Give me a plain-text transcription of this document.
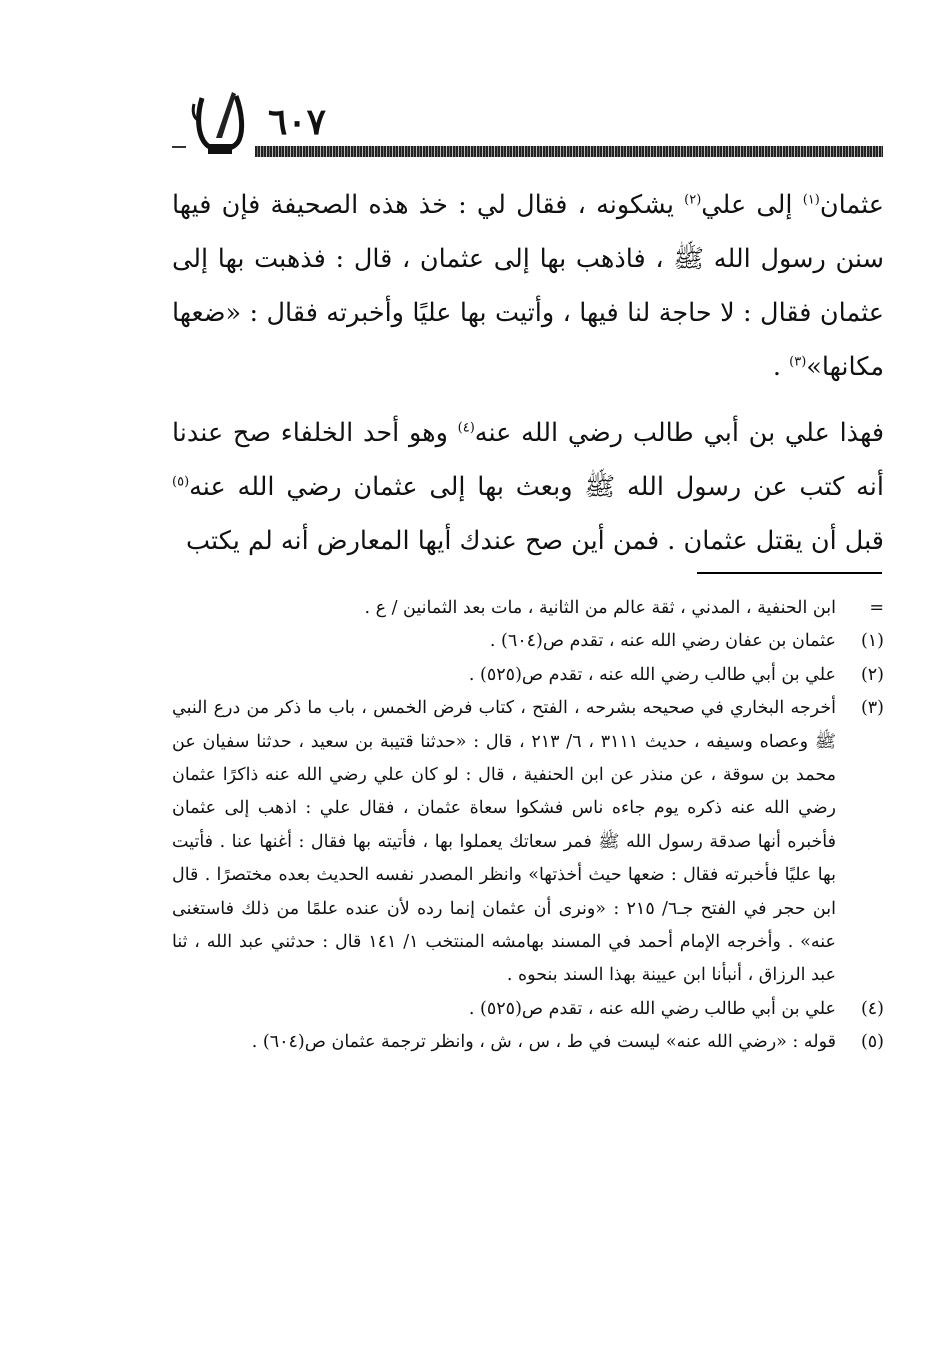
٦٠٧

عثمان$^{(١)}$ إلى علي$^{(٢)}$ يشكونه ، فقال لي : خذ هذه الصحيفة فإن فيها سنن رسول الله ﷺ ، فاذهب بها إلى عثمان ، قال : فذهبت بها إلى عثمان فقال : لا حاجة لنا فيها ، وأتيت بها عليًا وأخبرته فقال : «ضعها مكانها»$^{(٣)}$ .

فهذا علي بن أبي طالب رضي الله عنه$^{(٤)}$ وهو أحد الخلفاء صح عندنا أنه كتب عن رسول الله ﷺ وبعث بها إلى عثمان رضي الله عنه$^{(٥)}$ قبل أن يقتل عثمان . فمن أين صح عندك أيها المعارض أنه لم يكتب

=
ابن الحنفية ، المدني ، ثقة عالم من الثانية ، مات بعد الثمانين / ع .
(١)
عثمان بن عفان رضي الله عنه ، تقدم ص(٦٠٤) .
(٢)
علي بن أبي طالب رضي الله عنه ، تقدم ص(٥٢٥) .
(٣)
أخرجه البخاري في صحيحه بشرحه ، الفتح ، كتاب فرض الخمس ، باب ما ذكر من درع النبي ﷺ وعصاه وسيفه ، حديث ٣١١١ ، ٦/ ٢١٣ ، قال : «حدثنا قتيبة بن سعيد ، حدثنا سفيان عن محمد بن سوقة ، عن منذر عن ابن الحنفية ، قال : لو كان علي رضي الله عنه ذاكرًا عثمان رضي الله عنه ذكره يوم جاءه ناس فشكوا سعاة عثمان ، فقال علي : اذهب إلى عثمان فأخبره أنها صدقة رسول الله ﷺ فمر سعاتك يعملوا بها ، فأتيته بها فقال : أغنها عنا . فأتيت بها عليًا فأخبرته فقال : ضعها حيث أخذتها» وانظر المصدر نفسه الحديث بعده مختصرًا . قال ابن حجر في الفتح جـ٦/ ٢١٥ : «ونرى أن عثمان إنما رده لأن عنده علمًا من ذلك فاستغنى عنه» . وأخرجه الإمام أحمد في المسند بهامشه المنتخب ١/ ١٤١ قال : حدثني عبد الله ، ثنا عبد الرزاق ، أنبأنا ابن عيينة بهذا السند بنحوه .
(٤)
علي بن أبي طالب رضي الله عنه ، تقدم ص(٥٢٥) .
(٥)
قوله : «رضي الله عنه» ليست في ط ، س ، ش ، وانظر ترجمة عثمان ص(٦٠٤) .
